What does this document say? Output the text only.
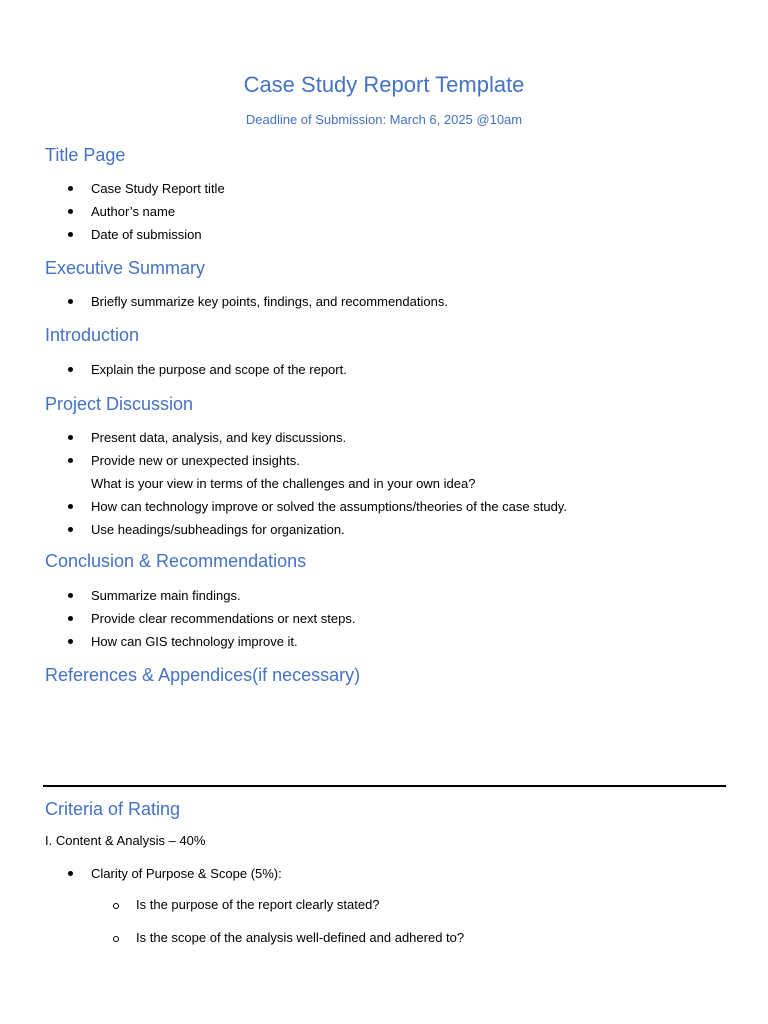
Case Study Report Template
Deadline of Submission: March 6, 2025 @10am
Title Page
Case Study Report title
Author’s name
Date of submission
Executive Summary
Briefly summarize key points, findings, and recommendations.
Introduction
Explain the purpose and scope of the report.
Project Discussion
Present data, analysis, and key discussions.
Provide new or unexpected insights.
What is your view in terms of the challenges and in your own idea?
How can technology improve or solved the assumptions/theories of the case study.
Use headings/subheadings for organization.
Conclusion & Recommendations
Summarize main findings.
Provide clear recommendations or next steps.
How can GIS technology improve it.
References & Appendices(if necessary)
Criteria of Rating
I. Content & Analysis – 40%
Clarity of Purpose & Scope (5%):
Is the purpose of the report clearly stated?
Is the scope of the analysis well-defined and adhered to?
